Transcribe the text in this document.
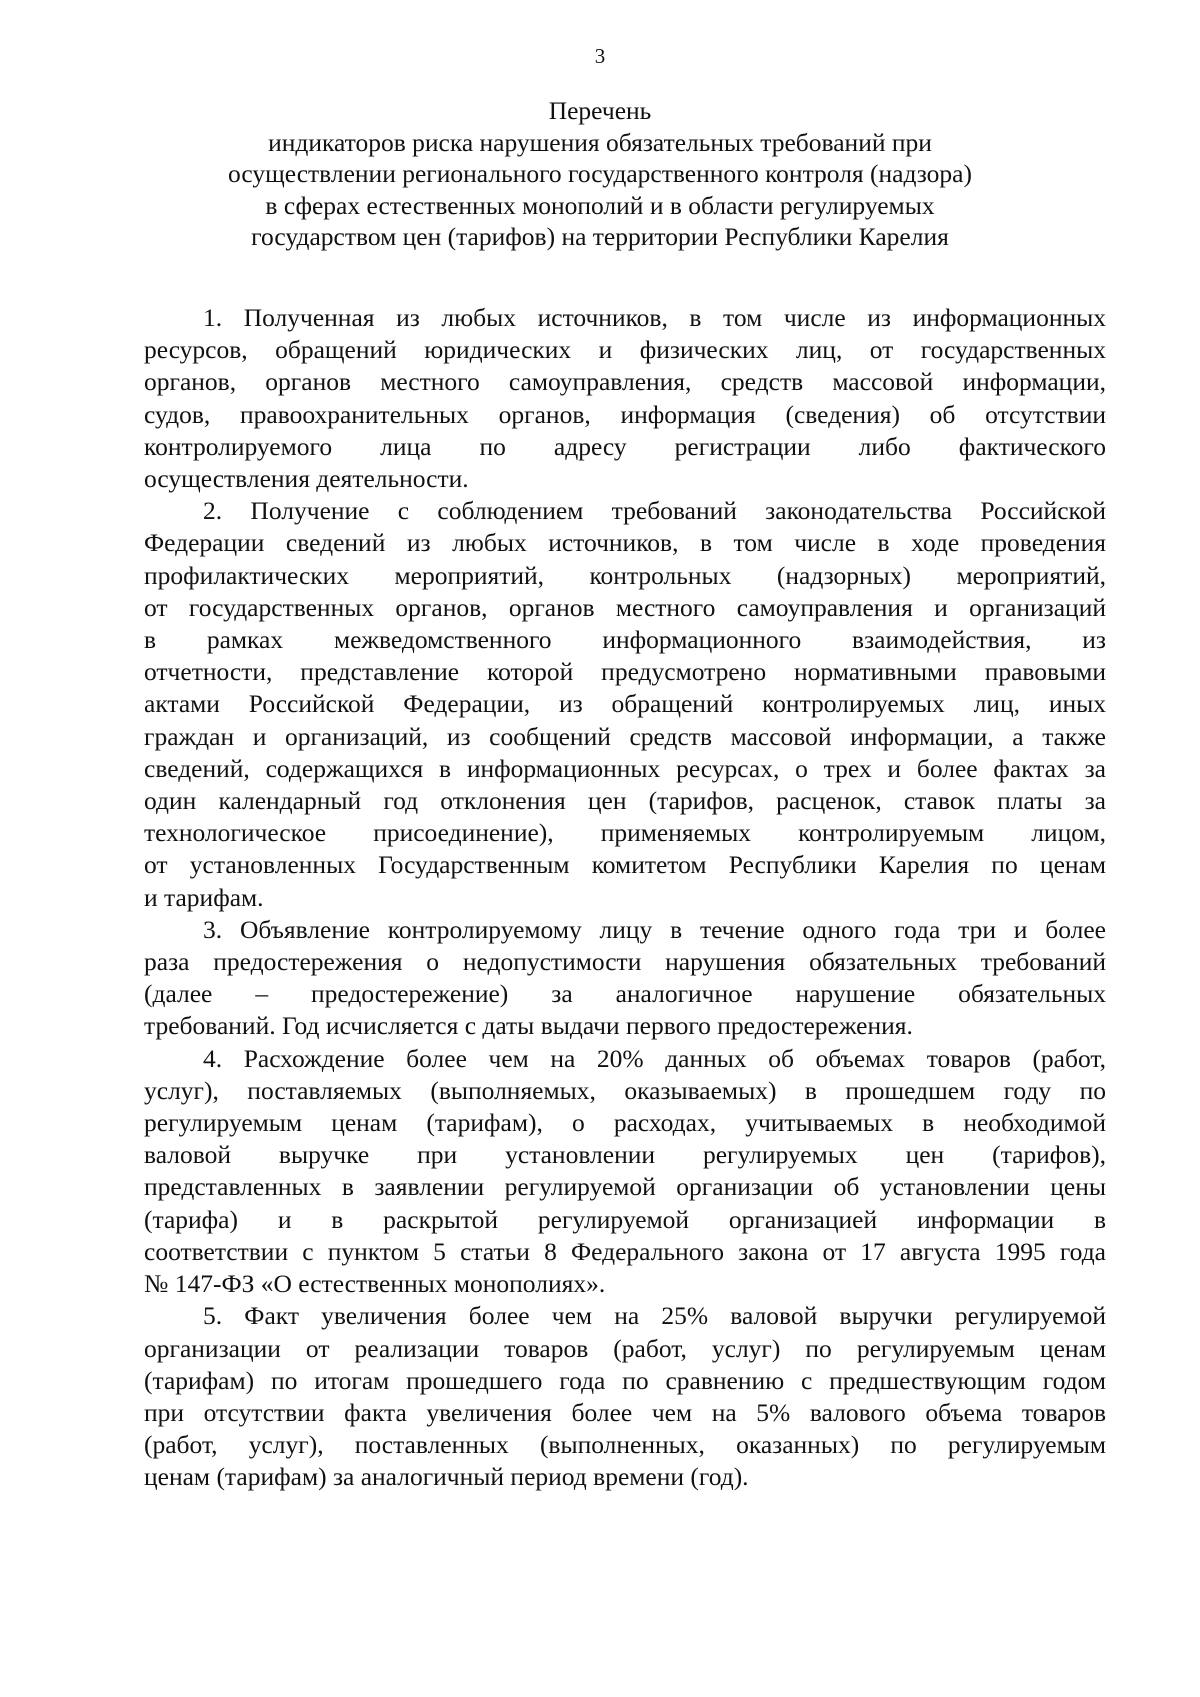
3
Перечень
индикаторов риска нарушения обязательных требований при
осуществлении регионального государственного контроля (надзора)
в сферах естественных монополий и в области регулируемых
государством цен (тарифов) на территории Республики Карелия
1. Полученная из любых источников, в том числе из информационных
ресурсов, обращений юридических и физических лиц, от государственных
органов, органов местного самоуправления, средств массовой информации,
судов, правоохранительных органов, информация (сведения) об отсутствии
контролируемого лица по адресу регистрации либо фактического
осуществления деятельности.
2. Получение с соблюдением требований законодательства Российской
Федерации сведений из любых источников, в том числе в ходе проведения
профилактических мероприятий, контрольных (надзорных) мероприятий,
от государственных органов, органов местного самоуправления и организаций
в рамках межведомственного информационного взаимодействия, из
отчетности, представление которой предусмотрено нормативными правовыми
актами Российской Федерации, из обращений контролируемых лиц, иных
граждан и организаций, из сообщений средств массовой информации, а также
сведений, содержащихся в информационных ресурсах, о трех и более фактах за
один календарный год отклонения цен (тарифов, расценок, ставок платы за
технологическое присоединение), применяемых контролируемым лицом,
от установленных Государственным комитетом Республики Карелия по ценам
и тарифам.
3. Объявление контролируемому лицу в течение одного года три и более
раза предостережения о недопустимости нарушения обязательных требований
(далее – предостережение) за аналогичное нарушение обязательных
требований. Год исчисляется с даты выдачи первого предостережения.
4. Расхождение более чем на 20% данных об объемах товаров (работ,
услуг), поставляемых (выполняемых, оказываемых) в прошедшем году по
регулируемым ценам (тарифам), о расходах, учитываемых в необходимой
валовой выручке при установлении регулируемых цен (тарифов),
представленных в заявлении регулируемой организации об установлении цены
(тарифа) и в раскрытой регулируемой организацией информации в
соответствии с пунктом 5 статьи 8 Федерального закона от 17 августа 1995 года
№ 147-ФЗ «О естественных монополиях».
5. Факт увеличения более чем на 25% валовой выручки регулируемой
организации от реализации товаров (работ, услуг) по регулируемым ценам
(тарифам) по итогам прошедшего года по сравнению с предшествующим годом
при отсутствии факта увеличения более чем на 5% валового объема товаров
(работ, услуг), поставленных (выполненных, оказанных) по регулируемым
ценам (тарифам) за аналогичный период времени (год).
